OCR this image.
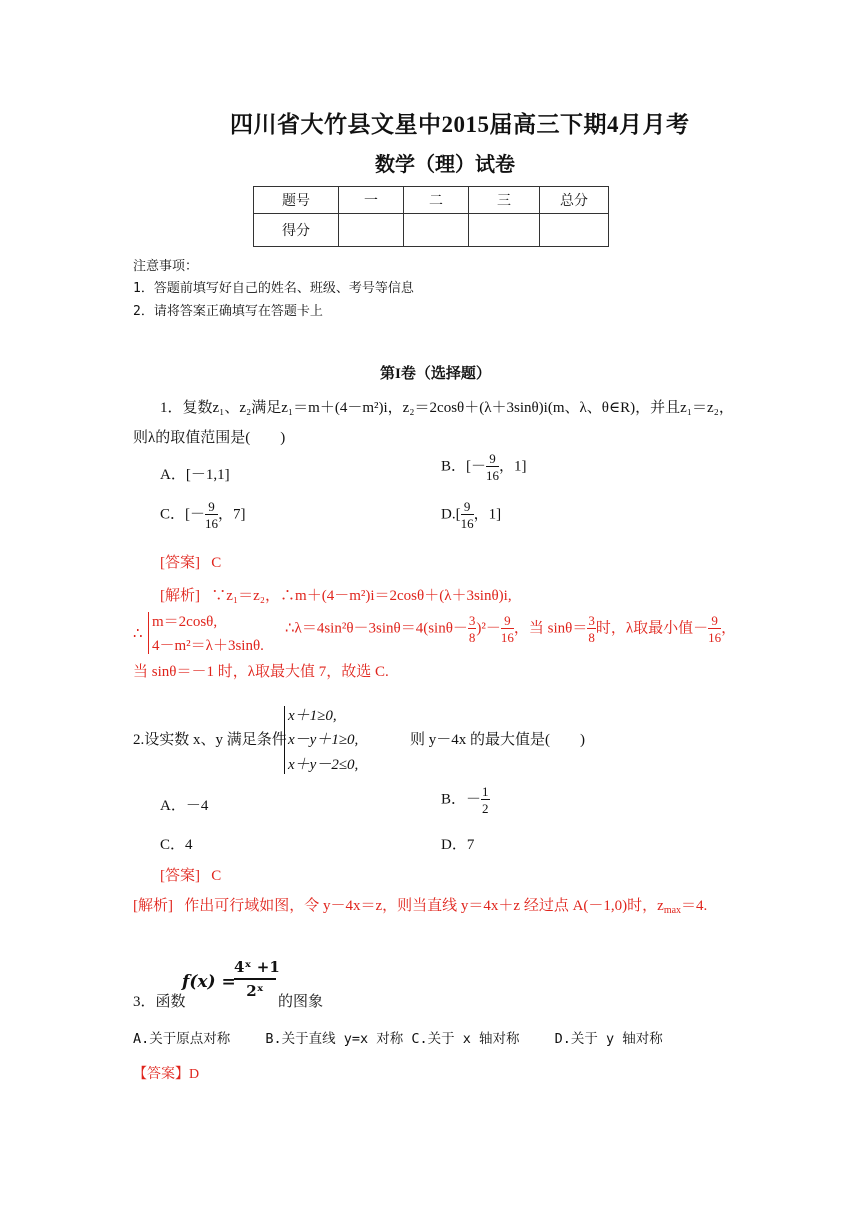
四川省大竹县文星中2015届高三下期4月月考
数学（理）试卷
题号	一	二	三	总分
得分				
注意事项：
1．答题前填写好自己的姓名、班级、考号等信息
2．请将答案正确填写在答题卡上
第I卷（选择题）
1．复数z₁、z₂满足z₁＝m＋(4－m²)i，z₂＝2cosθ＋(λ＋3sinθ)i(m、λ、θ∈R)，并且z₁＝z₂，
则λ的取值范围是(　　)
A．[－1,1]
B．[－ $\frac{9}{16}$ ，1]
C．[－ $\frac{9}{16}$ ，7]	$D.[ \frac{9}{16}$ ，1]
[答案] C
[解析] ∵z₁＝z₂，∴m＋(4－m²)i＝2cosθ＋(λ＋3sinθ)i,
∴
m＝2cosθ,
4－m²＝λ＋3sinθ.
∴λ＝4sin²θ－3sinθ＝4(sinθ－ $\frac{3}{8} )^2- \frac{9}{16}$ ，当 $\sin\theta= \frac{3}{8}$ 时，λ取最小值－ $\frac{9}{16}$ ，
当 sinθ＝－1 时，λ取最大值 7，故选 C.
2.设实数 x、y 满足条件
x＋1≥0,
x－y＋1≥0,
x＋y－2≤0,
则 y－4x 的最大值是(　　)
A．－4	B．－ $\frac{1}{2}$
C．4	D．7
[答案] C
[解析] 作出可行域如图，令 y－4x＝z，则当直线 y＝4x＋z 经过点 A(－1,0)时，$z_{max}=4$.
3．函数
f(x) =
4ˣ +1
2ˣ
的图象
A.关于原点对称　　 B.关于直线 y=x 对称 C.关于 x 轴对称　　 D.关于 y 轴对称
【答案】D
